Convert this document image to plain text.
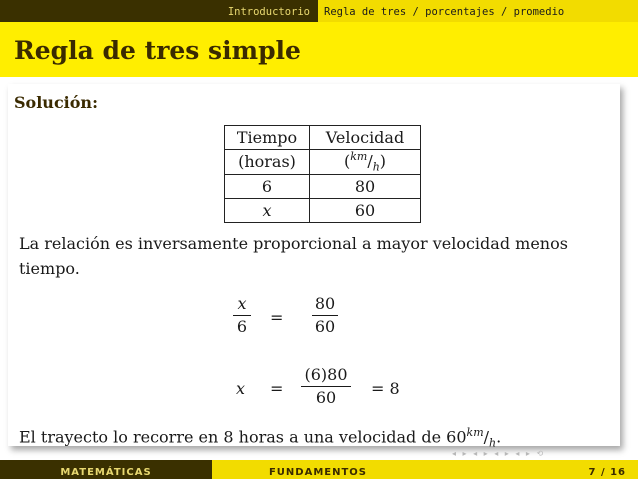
Introductorio	Regla de tres / porcentajes / promedio
Regla de tres simple
Solución:
Tiempo	Velocidad
(horas)	$(^{km}/_h)$
6	80
x	60
La relación es inversamente proporcional a mayor velocidad menos tiempo.
x
6 =
80
60
x =
(6)80
60	= 8
El trayecto lo recorre en 8 horas a una velocidad de $60^{km}/_h$.
◂ ▸ ◂ ▸ ◂ ▸ ◂ ▸ ⟲
MATEMÁTICAS	FUNDAMENTOS	7 / 16
